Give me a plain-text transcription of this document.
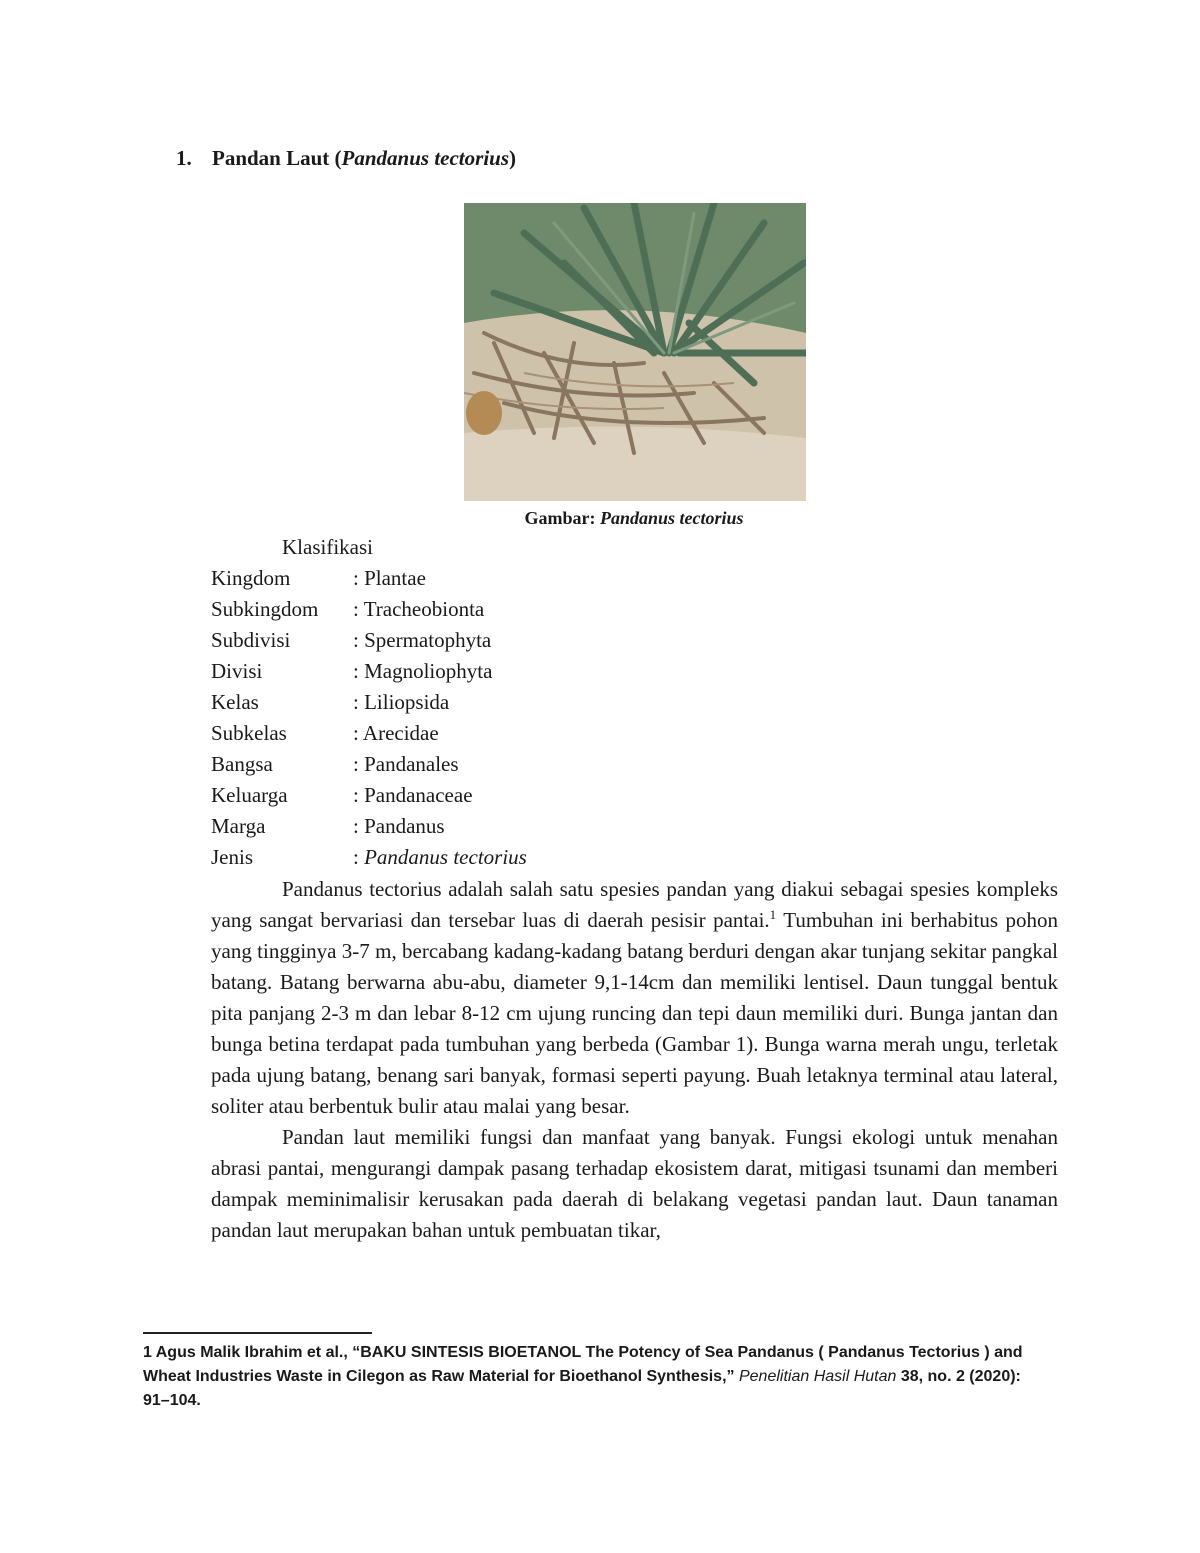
1. Pandan Laut (Pandanus tectorius)
Gambar: Pandanus tectorius
Klasifikasi
Kingdom	: Plantae
Subkingdom	: Tracheobionta
Subdivisi	: Spermatophyta
Divisi	: Magnoliophyta
Kelas	: Liliopsida
Subkelas	: Arecidae
Bangsa	: Pandanales
Keluarga	: Pandanaceae
Marga	: Pandanus
Jenis	: Pandanus tectorius

Pandanus tectorius adalah salah satu spesies pandan yang diakui sebagai spesies kompleks yang sangat bervariasi dan tersebar luas di daerah pesisir pantai.$^1$ Tumbuhan ini berhabitus pohon yang tingginya 3-7 m, bercabang kadang-kadang batang berduri dengan akar tunjang sekitar pangkal batang. Batang berwarna abu-abu, diameter 9,1-14cm dan memiliki lentisel. Daun tunggal bentuk pita panjang 2-3 m dan lebar 8-12 cm ujung runcing dan tepi daun memiliki duri. Bunga jantan dan bunga betina terdapat pada tumbuhan yang berbeda (Gambar 1). Bunga warna merah ungu, terletak pada ujung batang, benang sari banyak, formasi seperti payung. Buah letaknya terminal atau lateral, soliter atau berbentuk bulir atau malai yang besar.

Pandan laut memiliki fungsi dan manfaat yang banyak. Fungsi ekologi untuk menahan abrasi pantai, mengurangi dampak pasang terhadap ekosistem darat, mitigasi tsunami dan memberi dampak meminimalisir kerusakan pada daerah di belakang vegetasi pandan laut. Daun tanaman pandan laut merupakan bahan untuk pembuatan tikar,

1 Agus Malik Ibrahim et al., “BAKU SINTESIS BIOETANOL The Potency of Sea Pandanus ( Pandanus Tectorius ) and Wheat Industries Waste in Cilegon as Raw Material for Bioethanol Synthesis,” Penelitian Hasil Hutan 38, no. 2 (2020): 91–104.
